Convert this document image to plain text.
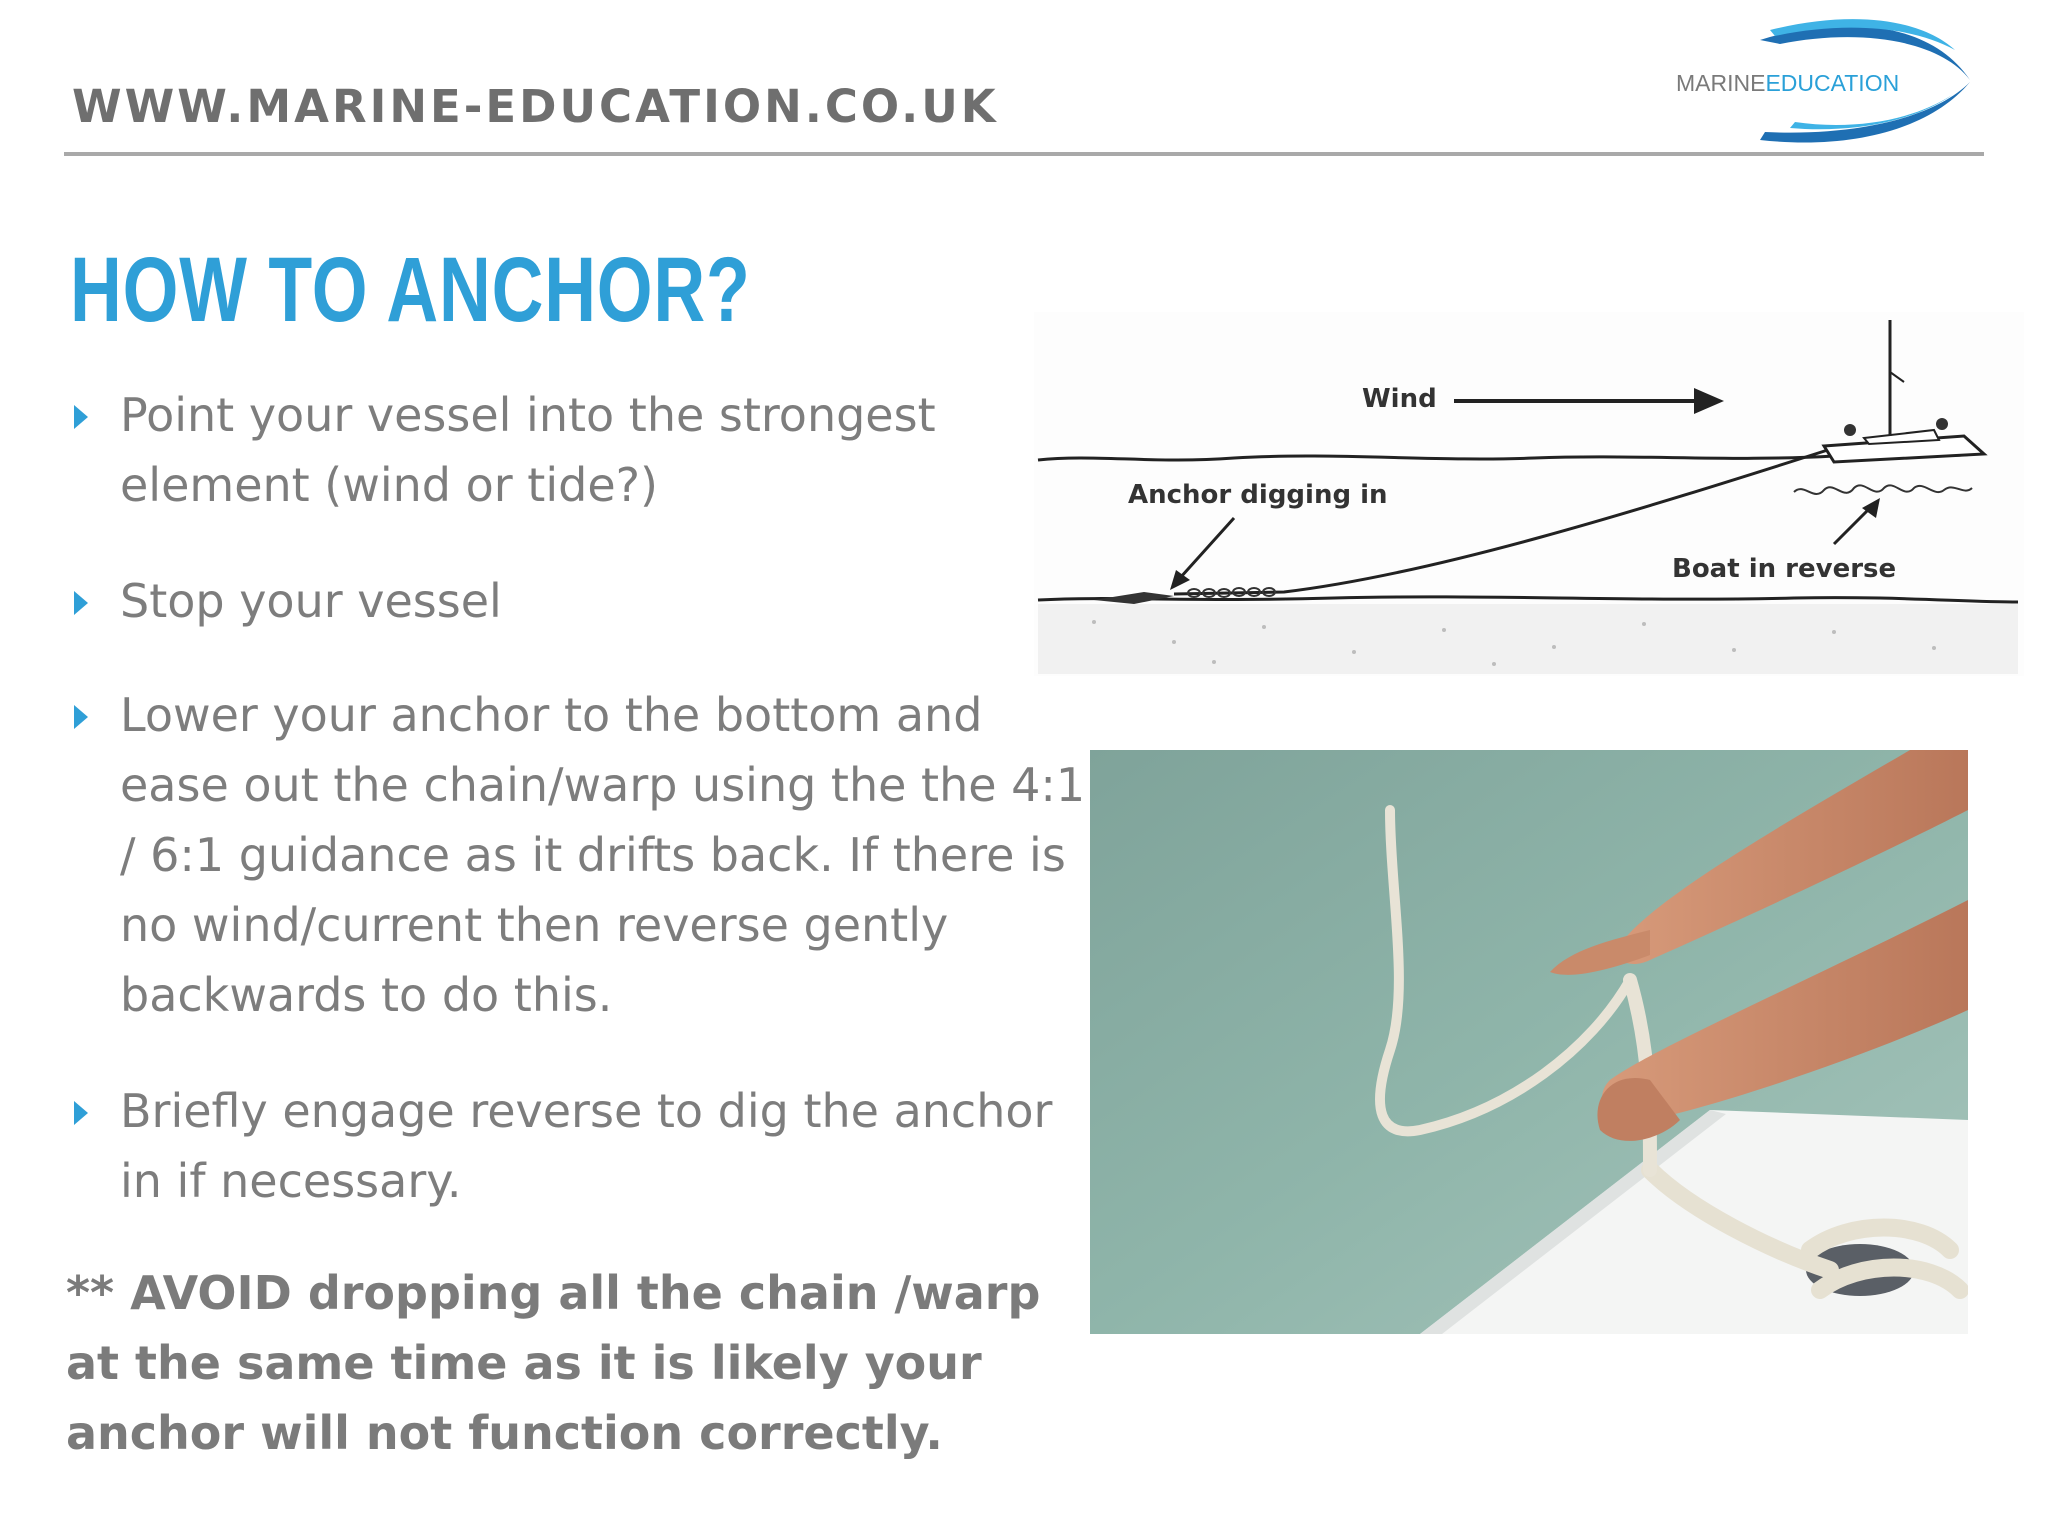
WWW.MARINE-EDUCATION.CO.UK	MARINEEDUCATION
HOW TO ANCHOR?
Point your vessel into the strongest element (wind or tide?)
Stop your vessel
Lower your anchor to the bottom and ease out the chain/warp using the the 4:1 / 6:1 guidance as it drifts back. If there is no wind/current then reverse gently backwards to do this.
Briefly engage reverse to dig the anchor in if necessary.
** AVOID dropping all the chain /warp at the same time as it is likely your anchor will not function correctly.
Wind
Anchor digging in
Boat in reverse
